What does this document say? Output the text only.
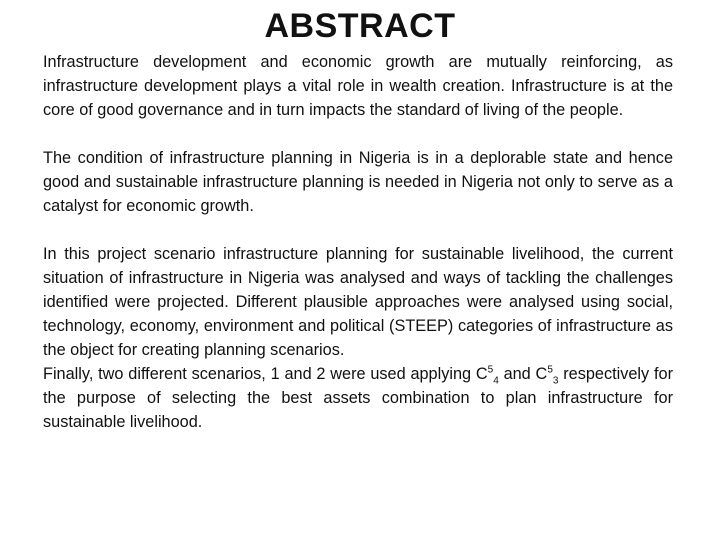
ABSTRACT

Infrastructure development and economic growth are mutually reinforcing, as infrastructure development plays a vital role in wealth creation. Infrastructure is at the core of good governance and in turn impacts the standard of living of the people.

The condition of infrastructure planning in Nigeria is in a deplorable state and hence good and sustainable infrastructure planning is needed in Nigeria not only to serve as a catalyst for economic growth.

In this project scenario infrastructure planning for sustainable livelihood, the current situation of infrastructure in Nigeria was analysed and ways of tackling the challenges identified were projected. Different plausible approaches were analysed using social, technology, economy, environment and political (STEEP) categories of infrastructure as the object for creating planning scenarios.

Finally, two different scenarios, 1 and 2 were used applying $C^5_4$ and $C^5_3$ respectively for the purpose of selecting the best assets combination to plan infrastructure for sustainable livelihood.
